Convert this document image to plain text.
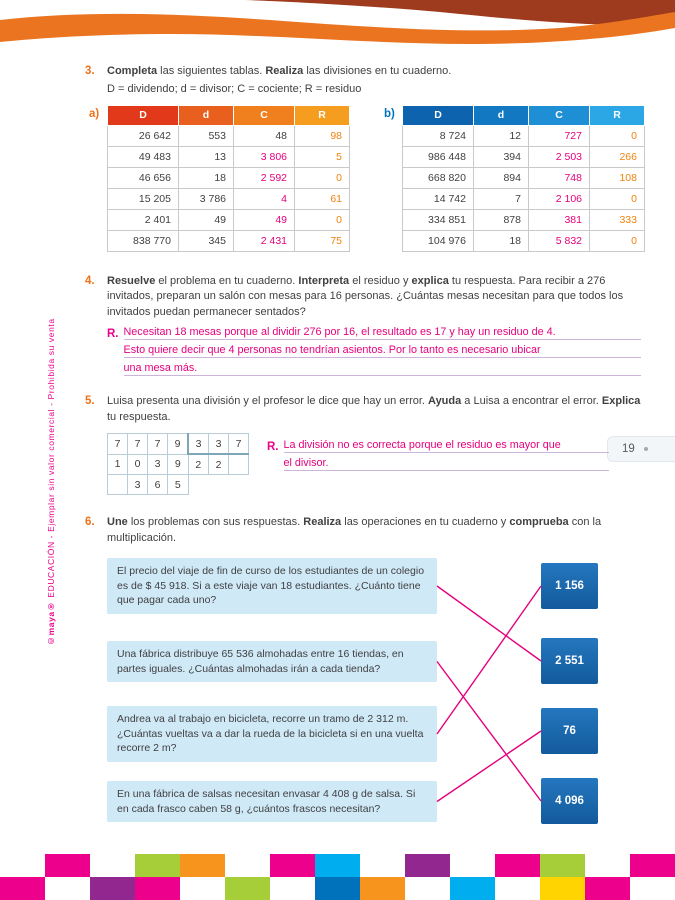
©maya® EDUCACIÓN - Ejemplar sin valor comercial - Prohibida su venta	19
3.	Completa las siguientes tablas. Realiza las divisiones en tu cuaderno.
D = dividendo; d = divisor; C = cociente; R = residuo
a)	D	d	C	R
26 642	553	48	98
49 483	13	3 806	5
46 656	18	2 592	0
15 205	3 786	4	61
2 401	49	49	0
838 770	345	2 431	75
b)	D	d	C	R
8 724	12	727	0
986 448	394	2 503	266
668 820	894	748	108
14 742	7	2 106	0
334 851	878	381	333
104 976	18	5 832	0
4.	Resuelve el problema en tu cuaderno. Interpreta el residuo y explica tu respuesta. Para recibir a 276 invitados, preparan un salón con mesas para 16 personas. ¿Cuántas mesas necesitan para que todos los invitados puedan permanecer sentados?
R. Necesitan 18 mesas porque al dividir 276 por 16, el resultado es 17 y hay un residuo de 4.
Esto quiere decir que 4 personas no tendrían asientos. Por lo tanto es necesario ubicar
una mesa más.
5.	Luisa presenta una división y el profesor le dice que hay un error. Ayuda a Luisa a encontrar el error. Explica tu respuesta.
7	7	7	9	3	3	7
1	0	3	9	2	2	
	3	6	5			
R. La división no es correcta porque el residuo es mayor que
el divisor.
6.	Une los problemas con sus respuestas. Realiza las operaciones en tu cuaderno y comprueba con la multiplicación.
El precio del viaje de fin de curso de los estudiantes de un colegio es de $ 45 918. Si a este viaje van 18 estudiantes. ¿Cuánto tiene que pagar cada uno?
Una fábrica distribuye 65 536 almohadas entre 16 tiendas, en partes iguales. ¿Cuántas almohadas irán a cada tienda?
Andrea va al trabajo en bicicleta, recorre un tramo de 2 312 m. ¿Cuántas vueltas va a dar la rueda de la bicicleta si en una vuelta recorre 2 m?
En una fábrica de salsas necesitan envasar 4 408 g de salsa. Si en cada frasco caben 58 g, ¿cuántos frascos necesitan?
1 156
2 551
76
4 096
